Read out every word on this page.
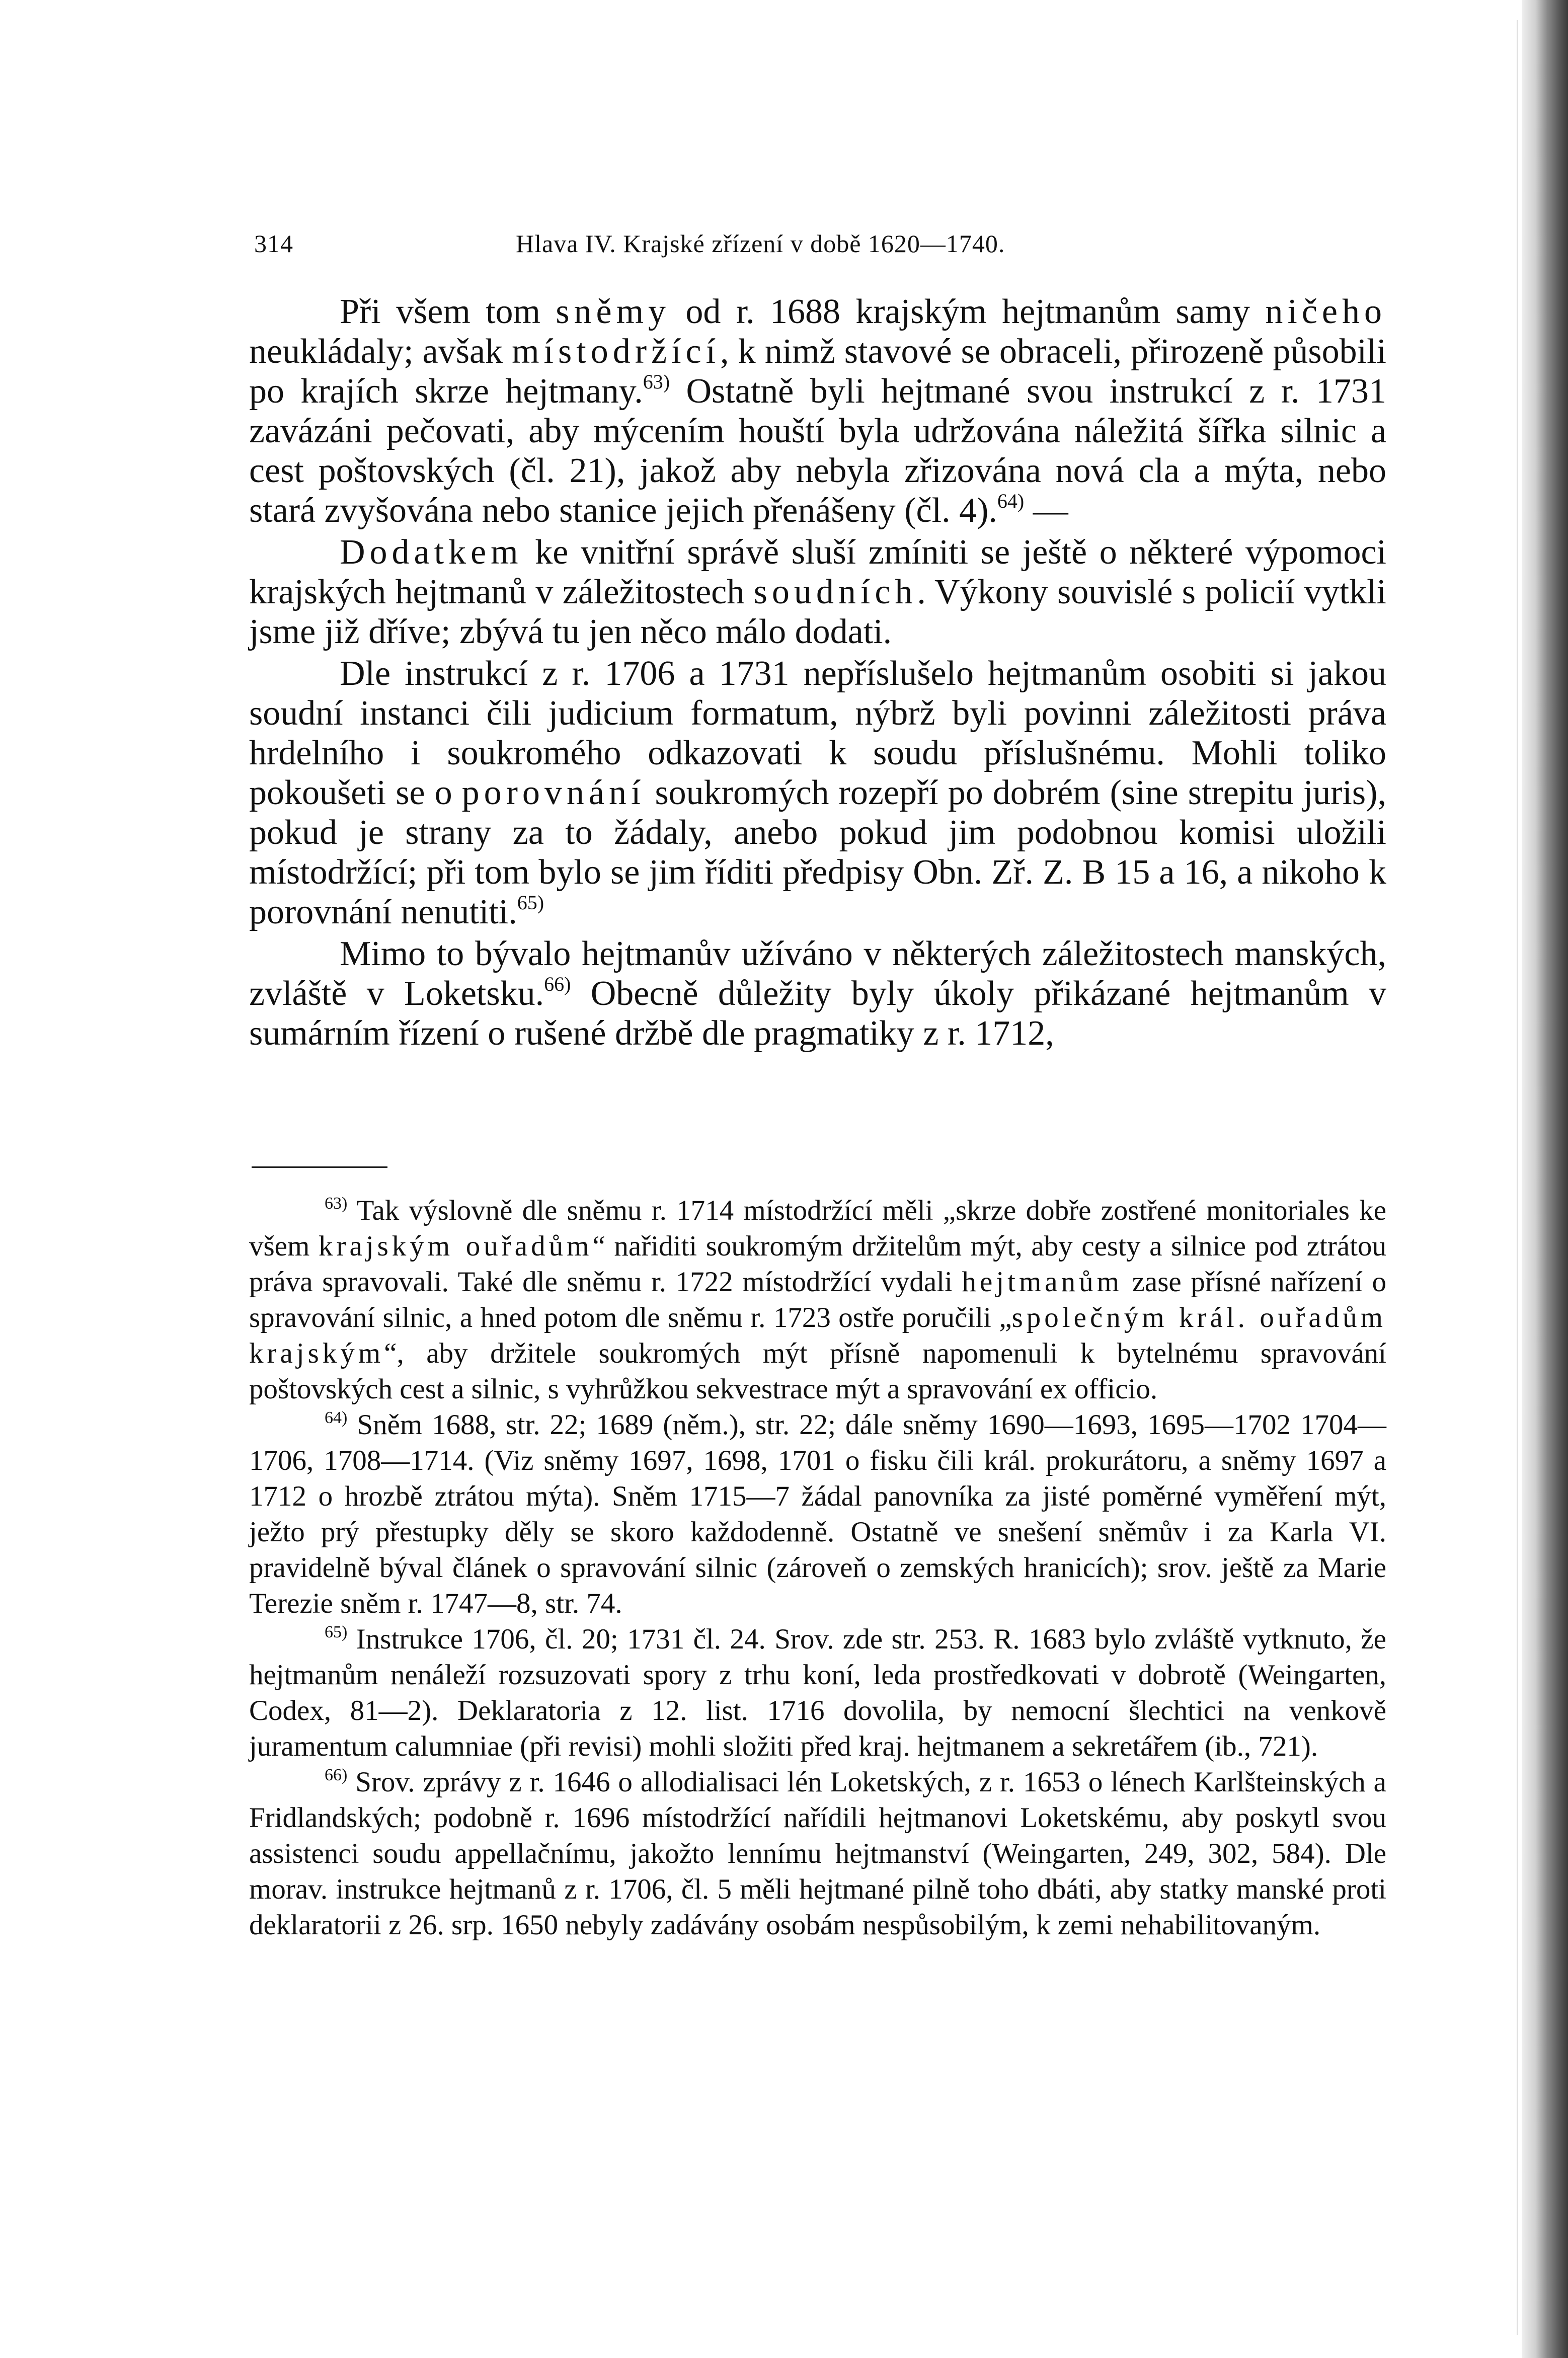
314	Hlava IV. Krajské zřízení v době 1620—1740.

Při všem tom sněmy od r. 1688 krajským hejtmanům samy ničeho neukládaly; avšak místodržící, k nimž stavové se obraceli, přirozeně působili po krajích skrze hejtmany.$^{63)}$ Ostatně byli hejtmané svou instrukcí z r. 1731 zavázáni pečovati, aby mýcením houští byla udržována náležitá šířka silnic a cest poštovských (čl. 21), jakož aby nebyla zřizována nová cla a mýta, nebo stará zvyšována nebo stanice jejich přenášeny (čl. 4).$^{64)}$ —

Dodatkem ke vnitřní správě sluší zmíniti se ještě o některé výpomoci krajských hejtmanů v záležitostech soudních. Výkony souvislé s policií vytkli jsme již dříve; zbývá tu jen něco málo dodati.

Dle instrukcí z r. 1706 a 1731 nepříslušelo hejtmanům osobiti si jakou soudní instanci čili judicium formatum, nýbrž byli povinni záležitosti práva hrdelního i soukromého odkazovati k soudu příslušnému. Mohli toliko pokoušeti se o porovnání soukromých rozepří po dobrém (sine strepitu juris), pokud je strany za to žádaly, anebo pokud jim podobnou komisi uložili místodržící; při tom bylo se jim říditi předpisy Obn. Zř. Z. B 15 a 16, a nikoho k porovnání nenutiti.$^{65)}$

Mimo to bývalo hejtmanův užíváno v některých záležitostech manských, zvláště v Loketsku.$^{66)}$ Obecně důležity byly úkoly přikázané hejtmanům v sumárním řízení o rušené držbě dle pragmatiky z r. 1712,

$^{63)}$ Tak výslovně dle sněmu r. 1714 místodržící měli „skrze dobře zostřené monitoriales ke všem krajským ouřadům“ nařiditi soukromým držitelům mýt, aby cesty a silnice pod ztrátou práva spravovali. Také dle sněmu r. 1722 místodržící vydali hejtmanům zase přísné nařízení o spravování silnic, a hned potom dle sněmu r. 1723 ostře poručili „společným král. ouřadům krajským“, aby držitele soukromých mýt přísně napomenuli k bytelnému spravování poštovských cest a silnic, s vyhrůžkou sekvestrace mýt a spravování ex officio.

$^{64)}$ Sněm 1688, str. 22; 1689 (něm.), str. 22; dále sněmy 1690—1693, 1695—1702 1704—1706, 1708—1714. (Viz sněmy 1697, 1698, 1701 o fisku čili král. prokurátoru, a sněmy 1697 a 1712 o hrozbě ztrátou mýta). Sněm 1715—7 žádal panovníka za jisté poměrné vyměření mýt, ježto prý přestupky děly se skoro každodenně. Ostatně ve snešení sněmův i za Karla VI. pravidelně býval článek o spravování silnic (zároveň o zemských hranicích); srov. ještě za Marie Terezie sněm r. 1747—8, str. 74.

$^{65)}$ Instrukce 1706, čl. 20; 1731 čl. 24. Srov. zde str. 253. R. 1683 bylo zvláště vytknuto, že hejtmanům nenáleží rozsuzovati spory z trhu koní, leda prostředkovati v dobrotě (Weingarten, Codex, 81—2). Deklaratoria z 12. list. 1716 dovolila, by nemocní šlechtici na venkově juramentum calumniae (při revisi) mohli složiti před kraj. hejtmanem a sekretářem (ib., 721).

$^{66)}$ Srov. zprávy z r. 1646 o allodialisaci lén Loketských, z r. 1653 o lénech Karlšteinských a Fridlandských; podobně r. 1696 místodržící nařídili hejtmanovi Loketskému, aby poskytl svou assistenci soudu appellačnímu, jakožto lennímu hejtmanství (Weingarten, 249, 302, 584). Dle morav. instrukce hejtmanů z r. 1706, čl. 5 měli hejtmané pilně toho dbáti, aby statky manské proti deklaratorii z 26. srp. 1650 nebyly zadávány osobám nespůsobilým, k zemi nehabilitovaným.
